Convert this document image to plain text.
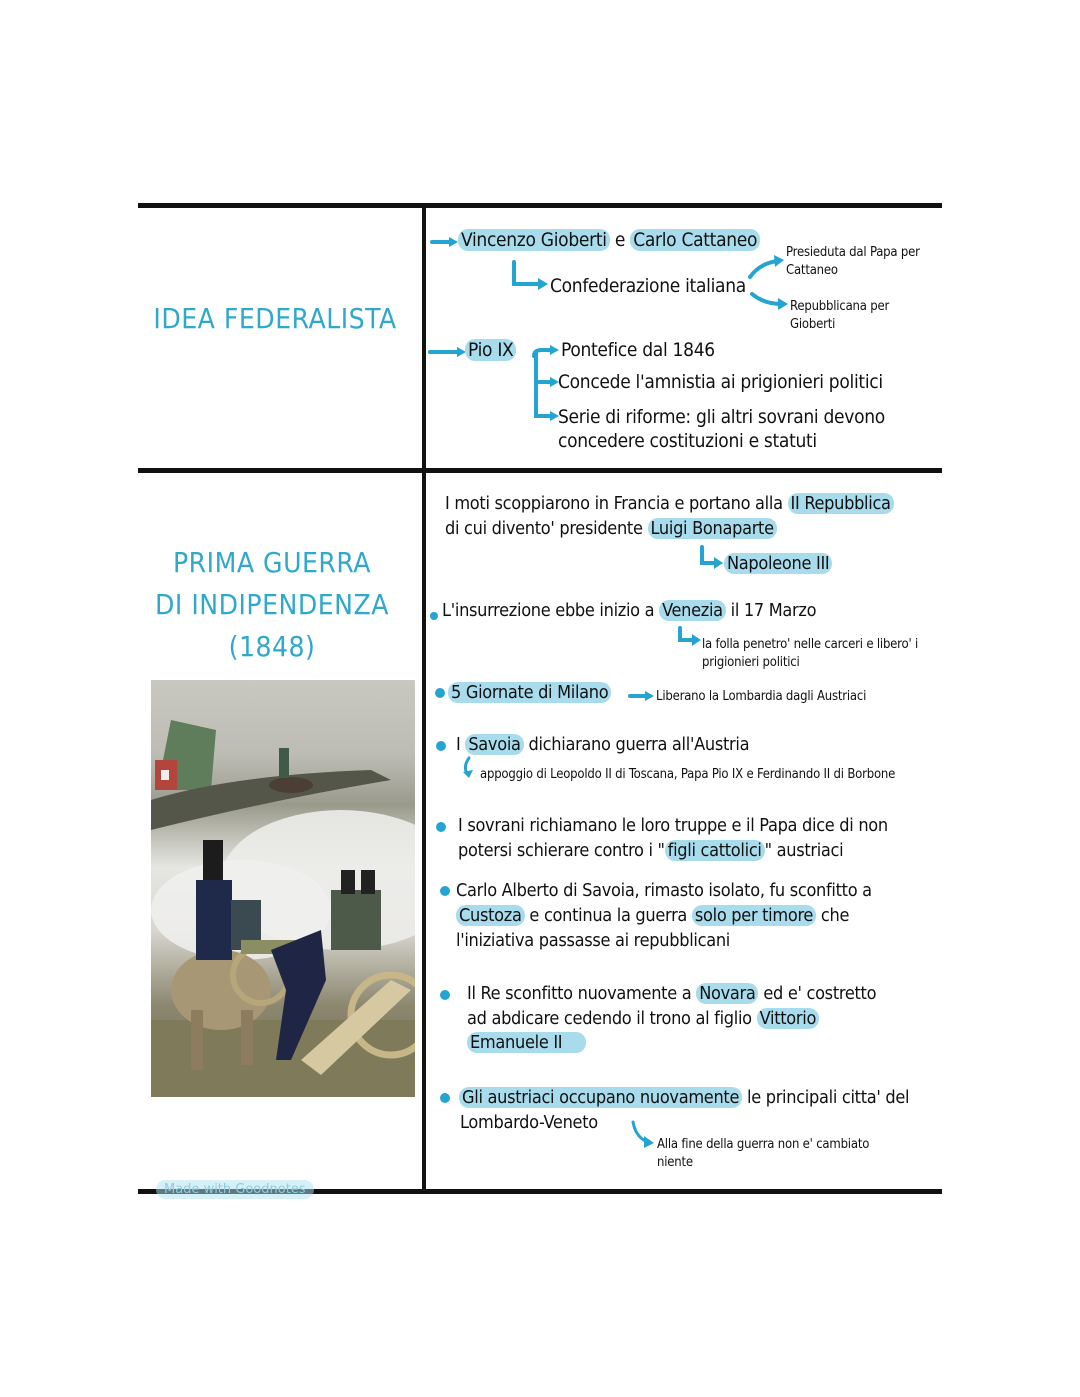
IDEA FEDERALISTA
Vincenzo Gioberti e Carlo Cattaneo
Confederazione italiana
Presieduta dal Papa per
Cattaneo
Repubblicana per
Gioberti
Pio IX	Pontefice dal 1846
Concede l'amnistia ai prigionieri politici
Serie di riforme: gli altri sovrani devono
concedere costituzioni e statuti
PRIMA GUERRA
DI INDIPENDENZA
(1848)
I moti scoppiarono in Francia e portano alla II Repubblica
di cui divento' presidente Luigi Bonaparte
Napoleone III
L'insurrezione ebbe inizio a Venezia il 17 Marzo
la folla penetro' nelle carceri e libero' i
prigionieri politici
5 Giornate di Milano	Liberano la Lombardia dagli Austriaci
I Savoia dichiarano guerra all'Austria
appoggio di Leopoldo II di Toscana, Papa Pio IX e Ferdinando II di Borbone
I sovrani richiamano le loro truppe e il Papa dice di non
potersi schierare contro i " figli cattolici " austriaci
Carlo Alberto di Savoia, rimasto isolato, fu sconfitto a
Custoza e continua la guerra solo per timore che
l'iniziativa passasse ai repubblicani
Il Re sconfitto nuovamente a Novara ed e' costretto
ad abdicare cedendo il trono al figlio Vittorio
Emanuele II
Gli austriaci occupano nuovamente le principali citta' del
Lombardo-Veneto
Alla fine della guerra non e' cambiato
niente
Made with Goodnotes
